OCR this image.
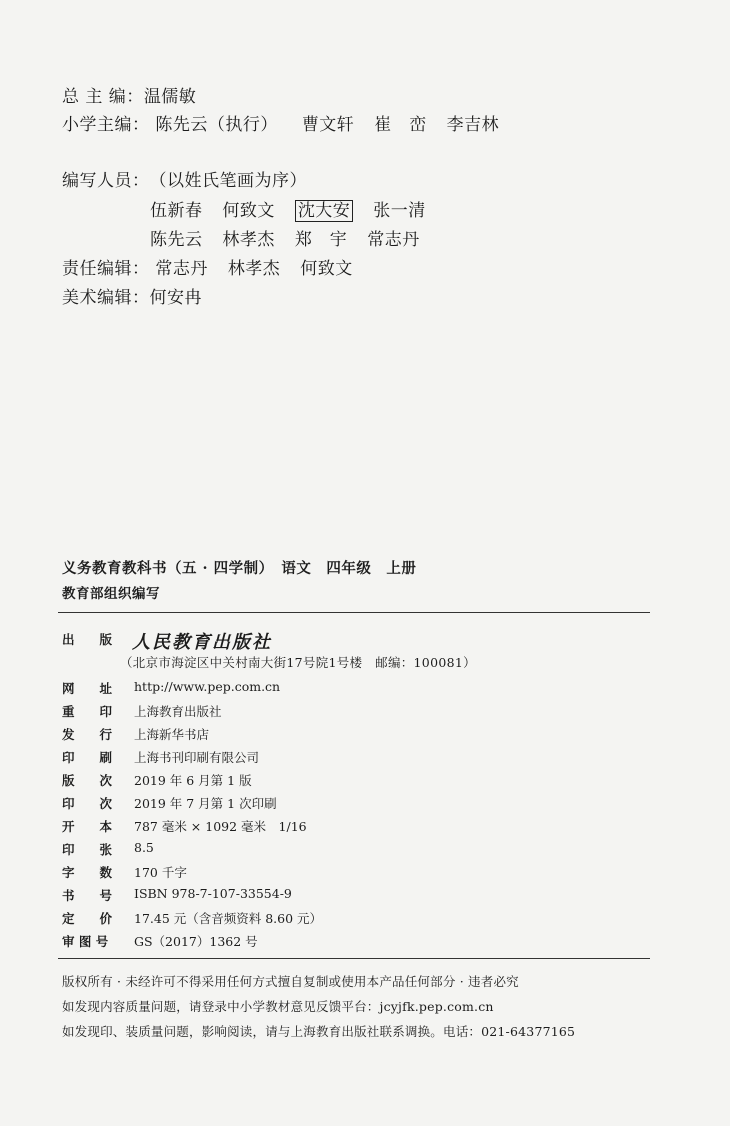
总 主 编：温儒敏
小学主编： 陈先云（执行） 曹文轩 崔　峦 李吉林
编写人员：（以姓氏笔画为序）
伍新春 何致文 沈大安 张一清
陈先云 林孝杰 郑　宇 常志丹
责任编辑： 常志丹 林孝杰 何致文
美术编辑：何安冉
义务教育教科书（五 · 四学制）　语文　四年级　上册
教育部组织编写
出　　版	人民教育出版社
（北京市海淀区中关村南大街17号院1号楼　邮编：100081）
网　　址	http://www.pep.com.cn
重　　印	上海教育出版社
发　　行	上海新华书店
印　　刷	上海书刊印刷有限公司
版　　次	2019 年 6 月第 1 版
印　　次	2019 年 7 月第 1 次印刷
开　　本	787 毫米 × 1092 毫米　1/16
印　　张	8.5
字　　数	170 千字
书　　号	ISBN 978-7-107-33554-9
定　　价	17.45 元（含音频资料 8.60 元）
审 图 号	GS（2017）1362 号
版权所有 · 未经许可不得采用任何方式擅自复制或使用本产品任何部分 · 违者必究
如发现内容质量问题，请登录中小学教材意见反馈平台：jcyjfk.pep.com.cn
如发现印、装质量问题，影响阅读，请与上海教育出版社联系调换。电话：021-64377165
